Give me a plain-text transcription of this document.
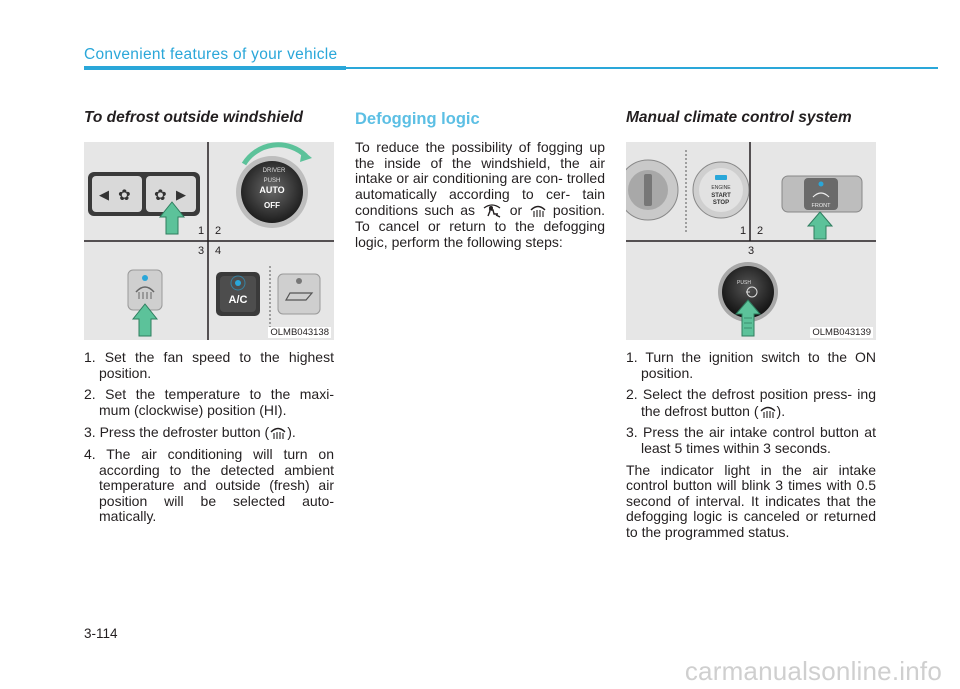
Convenient features of your vehicle
To defrost outside windshield
◀ ✿ ✿ ▶
DRIVER
PUSH
AUTO
OFF
1 2
3 4
A/C
OLMB043138
1. Set the fan speed to the highest position.
2. Set the temperature to the maxi- mum (clockwise) position (HI).
3. Press the defroster button ( ).
4. The air conditioning will turn on according to the detected ambient temperature and outside (fresh) air position will be selected auto- matically.
Defogging logic

To reduce the possibility of fogging up the inside of the windshield, the air intake or air conditioning are con- trolled automatically according to cer- tain conditions such as or position. To cancel or return to the defogging logic, perform the following steps:

Manual climate control system
ENGINE
START
STOP	FRONT
1 2
3
PUSH
OLMB043139
1. Turn the ignition switch to the ON position.
2. Select the defrost position press- ing the defrost button ( ).
3. Press the air intake control button at least 5 times within 3 seconds.

The indicator light in the air intake control button will blink 3 times with 0.5 second of interval. It indicates that the defogging logic is canceled or returned to the programmed status.

3-114
carmanualsonline.info
